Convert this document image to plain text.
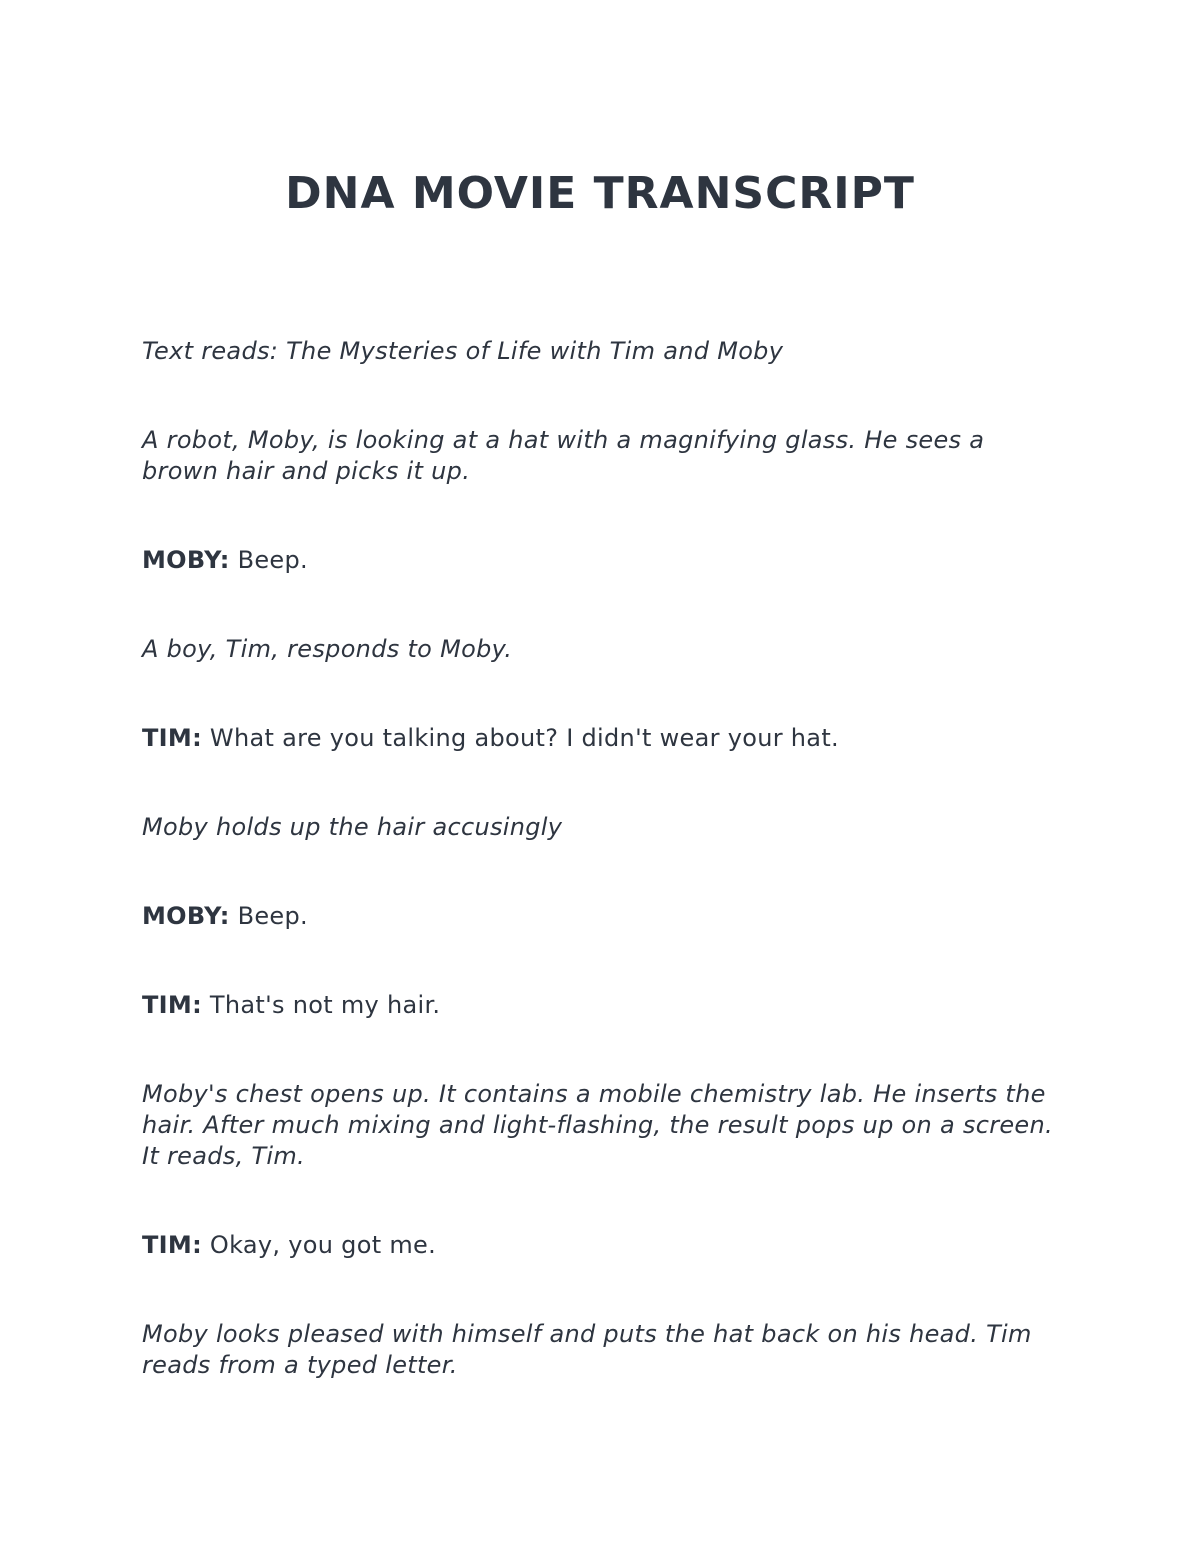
DNA MOVIE TRANSCRIPT

Text reads: The Mysteries of Life with Tim and Moby

A robot, Moby, is looking at a hat with a magnifying glass. He sees a brown hair and picks it up.

MOBY: Beep.

A boy, Tim, responds to Moby.

TIM: What are you talking about? I didn't wear your hat.

Moby holds up the hair accusingly

MOBY: Beep.

TIM: That's not my hair.

Moby's chest opens up. It contains a mobile chemistry lab. He inserts the hair. After much mixing and light-flashing, the result pops up on a screen. It reads, Tim.

TIM: Okay, you got me.

Moby looks pleased with himself and puts the hat back on his head. Tim reads from a typed letter.
